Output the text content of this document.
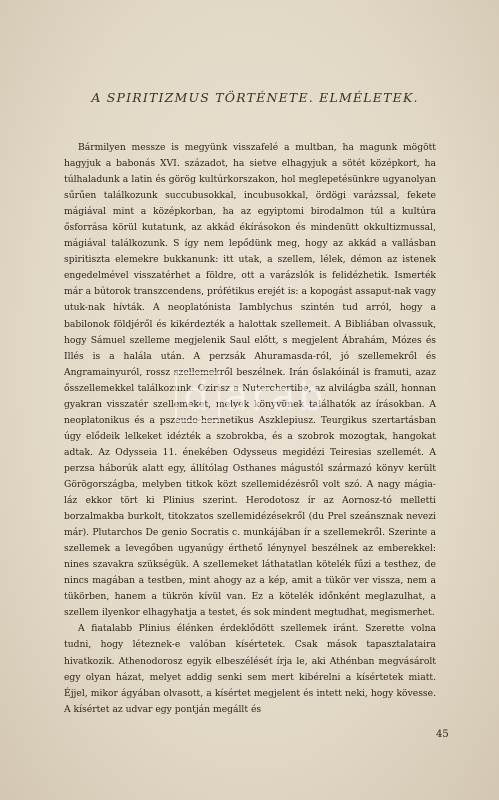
A SPIRITIZMUS TÖRTÉNETE. ELMÉLETEK.

Bármilyen messze is megyünk visszafelé a multban, ha magunk mögött hagyjuk a babonás XVI. századot, ha sietve elhagyjuk a sötét középkort, ha túlhaladunk a latin és görög kultúrkorszakon, hol meglepetésünkre ugyanolyan sűrűen találkozunk succubusokkal, incubusokkal, ördögi varázssal, fekete mágiával mint a középkorban, ha az egyiptomi birodalmon túl a kultúra ősforrása körül kutatunk, az akkád ékírásokon és mindenütt okkultizmussal, mágiával találkozunk. S így nem lepődünk meg, hogy az akkád a vallásban spiritiszta elemekre bukkanunk: itt utak, a szellem, lélek, démon az istenek engedelmével visszatérhet a földre, ott a varázslók is felidézhetik. Ismerték már a bútorok transzcendens, prófétikus erejét is: a kopogást assaput-nak vagy utuk-nak hívták. A neoplatónista Iamblychus szintén tud arról, hogy a babilonok földjéről és kikérdezték a halottak szellemeit. A Bibliában olvassuk, hogy Sámuel szelleme megjelenik Saul előtt, s megjelent Ábrahám, Mózes és Illés is a halála után. A perzsák Ahuramasda-ról, jó szellemekről és Angramainyuról, rossz szellemekről beszélnek. Irán őslakóinál is framuti, azaz ősszellemekkel találkozunk. Ozirisz a Nuterchertibe, az alvilágba száll, honnan gyakran visszatér szellemeket, melyek könyvünek találhatók az írásokban. A neoplatonikus és a pszeudo-hermetikus Aszklepiusz. Teurgikus szertartásban úgy elődeik lelkeket idézték a szobrokba, és a szobrok mozogtak, hangokat adtak. Az Odysseia 11. énekében Odysseus megidézi Teiresias szellemét. A perzsa háborúk alatt egy, állítólag Osthanes mágustól származó könyv került Görögországba, melyben titkok közt szellemidézésről volt szó. A nagy mágia-láz ekkor tört ki Plinius szerint. Herodotosz ír az Aornosz-tó melletti borzalmakba burkolt, titokzatos szellemidézésekről (du Prel szeánsznak nevezi már). Plutarchos De genio Socratis c. munkájában ír a szellemekről. Szerinte a szellemek a levegőben ugyanúgy érthető lénynyel beszélnek az emberekkel: nines szavakra szükségük. A szellemeket láthatatlan kötelék fűzi a testhez, de nincs magában a testben, mint ahogy az a kép, amit a tükör ver vissza, nem a tükörben, hanem a tükrön kívül van. Ez a kötelék időnként meglazulhat, a szellem ilyenkor elhagyhatja a testet, és sok mindent megtudhat, megismerhet.

A fiatalabb Plinius élénken érdeklődött szellemek iránt. Szerette volna tudni, hogy léteznek-e valóban kísértetek. Csak mások tapasztalataira hivatkozik. Athenodorosz egyik elbeszélését írja le, aki Athénban megvásárolt egy olyan házat, melyet addig senki sem mert kibérelni a kísértetek miatt. Éjjel, mikor ágyában olvasott, a kísértet megjelent és intett neki, hogy kövesse. A kísértet az udvar egy pontján megállt és

45
d arab
